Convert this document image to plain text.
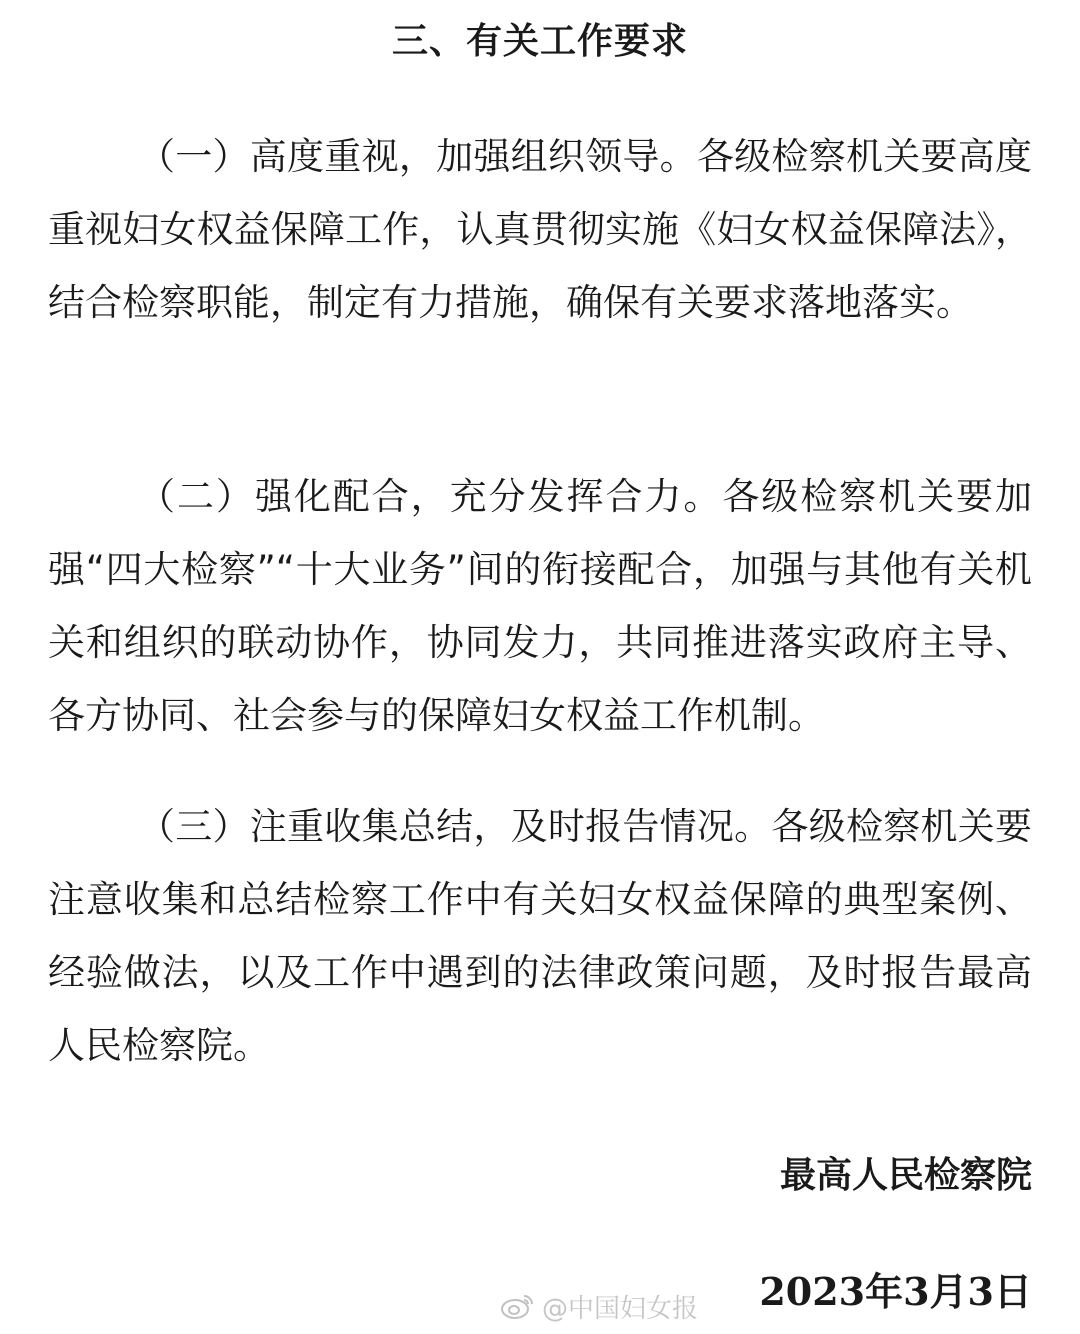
三、有关工作要求

（一）高度重视，加强组织领导。各级检察机关要高度重视妇女权益保障工作，认真贯彻实施《妇女权益保障法》，结合检察职能，制定有力措施，确保有关要求落地落实。

（二）强化配合，充分发挥合力。各级检察机关要加强“四大检察”“十大业务”间的衔接配合，加强与其他有关机关和组织的联动协作，协同发力，共同推进落实政府主导、各方协同、社会参与的保障妇女权益工作机制。

（三）注重收集总结，及时报告情况。各级检察机关要注意收集和总结检察工作中有关妇女权益保障的典型案例、经验做法，以及工作中遇到的法律政策问题，及时报告最高人民检察院。

最高人民检察院
2023年3月3日
@中国妇女报
